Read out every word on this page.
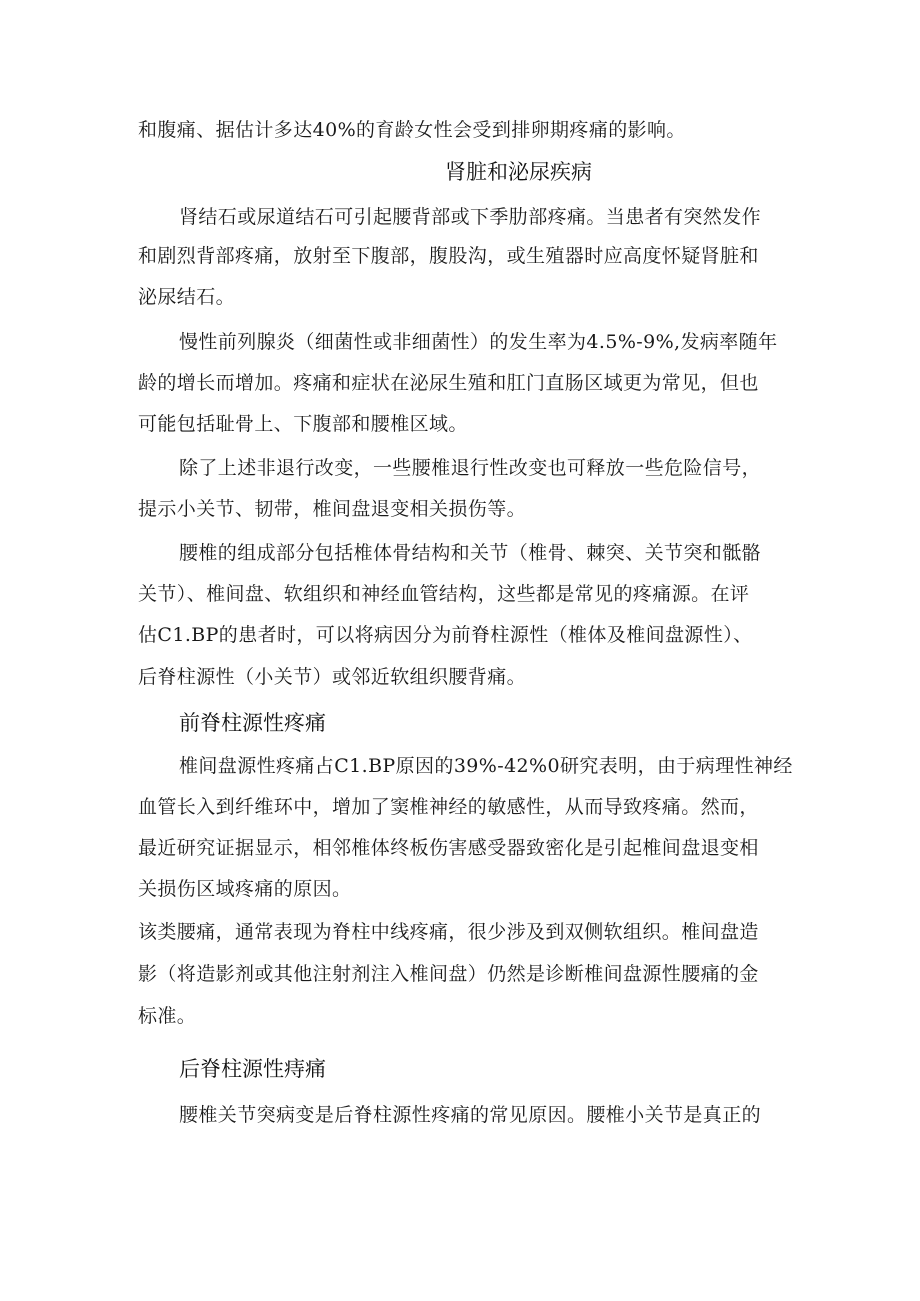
和腹痛、据估计多达40%的育龄女性会受到排卵期疼痛的影响。
肾脏和泌尿疾病
肾结石或尿道结石可引起腰背部或下季肋部疼痛。当患者有突然发作
和剧烈背部疼痛，放射至下腹部，腹股沟，或生殖器时应高度怀疑肾脏和
泌尿结石。
慢性前列腺炎（细菌性或非细菌性）的发生率为4.5%-9%,发病率随年
龄的增长而增加。疼痛和症状在泌尿生殖和肛门直肠区域更为常见，但也
可能包括耻骨上、下腹部和腰椎区域。
除了上述非退行改变，一些腰椎退行性改变也可释放一些危险信号，
提示小关节、韧带，椎间盘退变相关损伤等。
腰椎的组成部分包括椎体骨结构和关节（椎骨、棘突、关节突和骶骼
关节）、椎间盘、软组织和神经血管结构，这些都是常见的疼痛源。在评
估C1.BP的患者时，可以将病因分为前脊柱源性（椎体及椎间盘源性）、
后脊柱源性（小关节）或邻近软组织腰背痛。
前脊柱源性疼痛
椎间盘源性疼痛占C1.BP原因的39%-42%0研究表明，由于病理性神经
血管长入到纤维环中，增加了窦椎神经的敏感性，从而导致疼痛。然而，
最近研究证据显示，相邻椎体终板伤害感受器致密化是引起椎间盘退变相
关损伤区域疼痛的原因。
该类腰痛，通常表现为脊柱中线疼痛，很少涉及到双侧软组织。椎间盘造
影（将造影剂或其他注射剂注入椎间盘）仍然是诊断椎间盘源性腰痛的金
标准。
后脊柱源性痔痛
腰椎关节突病变是后脊柱源性疼痛的常见原因。腰椎小关节是真正的
